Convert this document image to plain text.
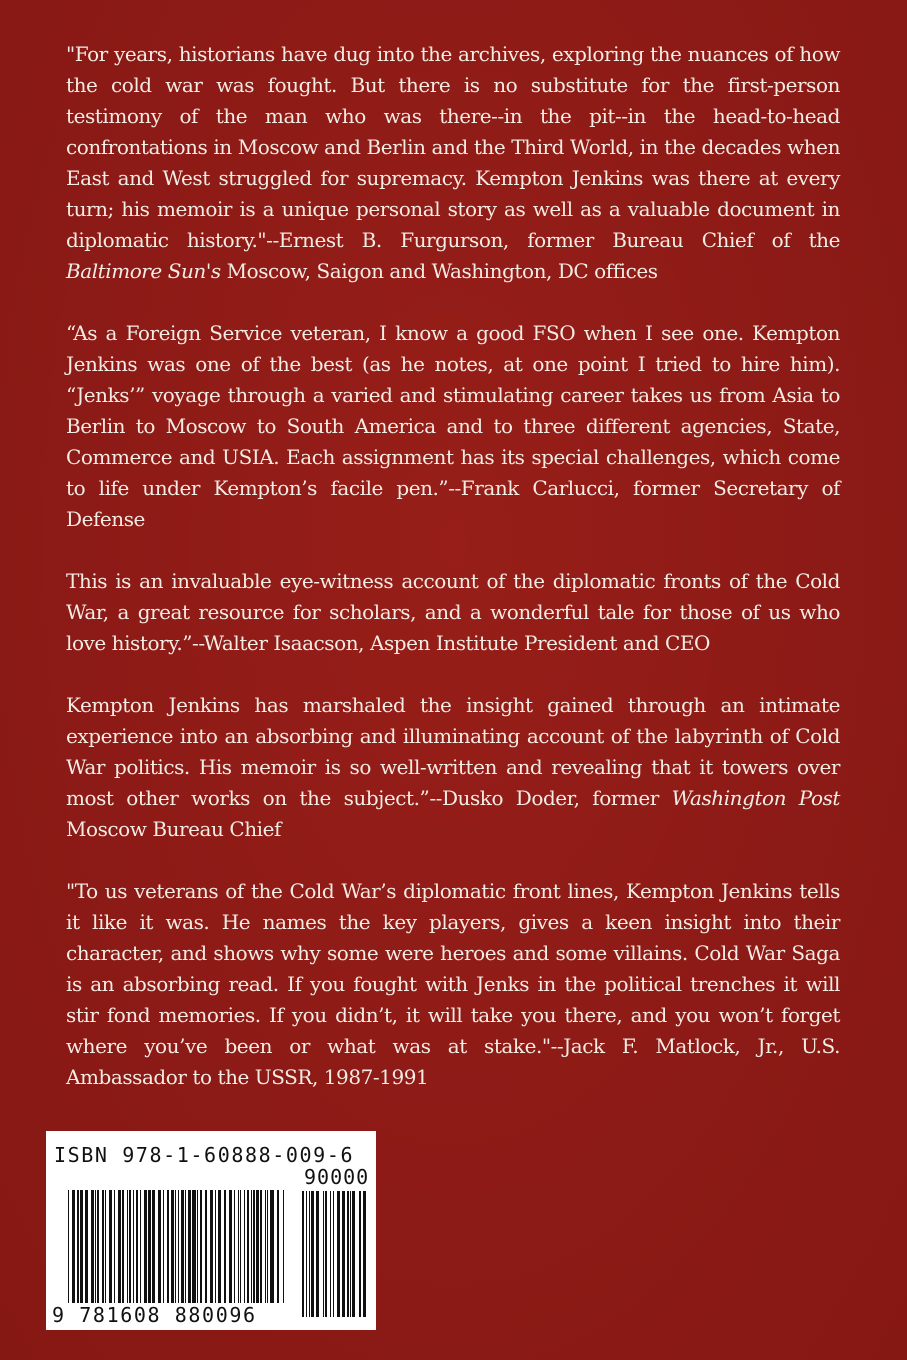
"For years, historians have dug into the archives, exploring the nuances of how the cold war was fought. But there is no substitute for the first-person testimony of the man who was there--in the pit--in the head-to-head confrontations in Moscow and Berlin and the Third World, in the decades when East and West struggled for supremacy. Kempton Jenkins was there at every turn; his memoir is a unique personal story as well as a valuable document in diplomatic history."--Ernest B. Furgurson, former Bureau Chief of the Baltimore Sun's Moscow, Saigon and Washington, DC offices

“As a Foreign Service veteran, I know a good FSO when I see one. Kempton Jenkins was one of the best (as he notes, at one point I tried to hire him). “Jenks’” voyage through a varied and stimulating career takes us from Asia to Berlin to Moscow to South America and to three different agencies, State, Commerce and USIA. Each assignment has its special challenges, which come to life under Kempton’s facile pen.”--Frank Carlucci, former Secretary of Defense

This is an invaluable eye-witness account of the diplomatic fronts of the Cold War, a great resource for scholars, and a wonderful tale for those of us who love history.”--Walter Isaacson, Aspen Institute President and CEO

Kempton Jenkins has marshaled the insight gained through an intimate experience into an absorbing and illuminating account of the labyrinth of Cold War politics. His memoir is so well-written and revealing that it towers over most other works on the subject.”--Dusko Doder, former Washington Post Moscow Bureau Chief

"To us veterans of the Cold War’s diplomatic front lines, Kempton Jenkins tells it like it was. He names the key players, gives a keen insight into their character, and shows why some were heroes and some villains. Cold War Saga is an absorbing read. If you fought with Jenks in the political trenches it will stir fond memories. If you didn’t, it will take you there, and you won’t forget where you’ve been or what was at stake."--Jack F. Matlock, Jr., U.S. Ambassador to the USSR, 1987-1991

ISBN 978-1-60888-009-6
90000
9 781608 880096
